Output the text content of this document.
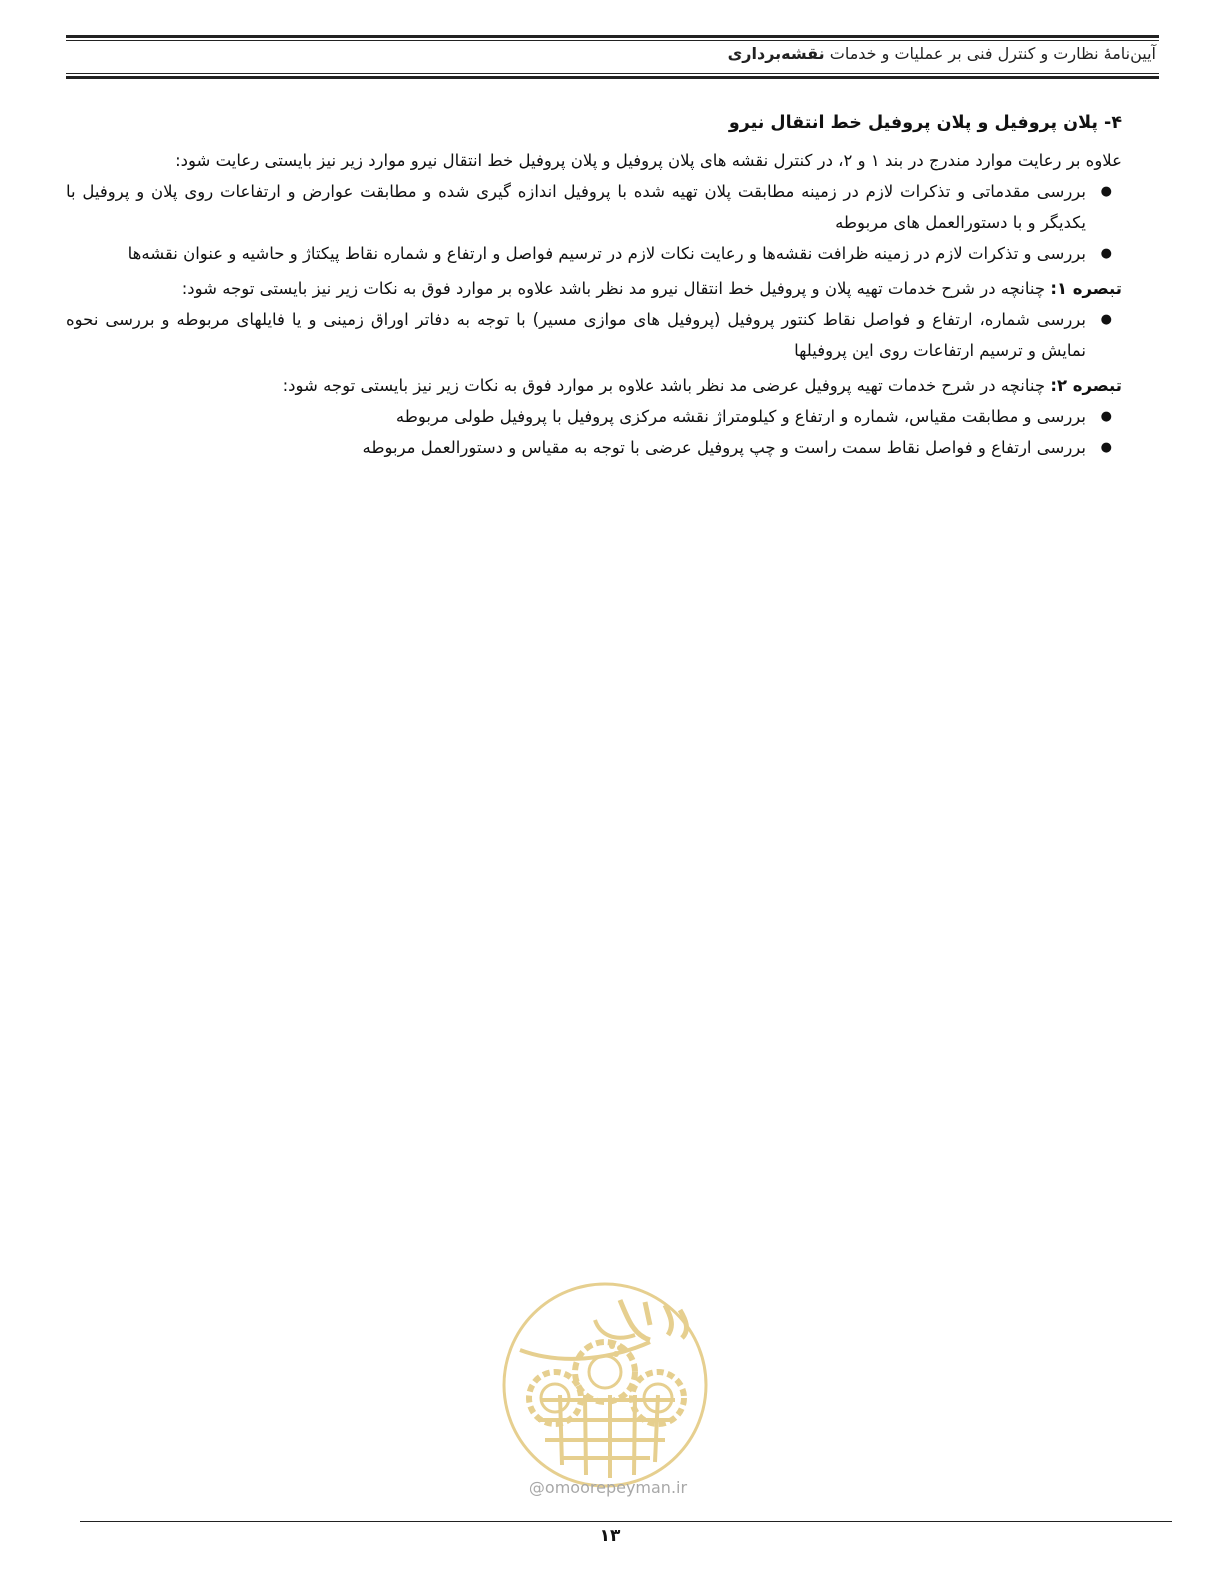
آیین‌نامهٔ نظارت و کنترل فنی بر عملیات و خدمات نقشه‌برداری

۴- پلان پروفیل و پلان پروفیل خط انتقال نیرو

علاوه بر رعایت موارد مندرج در بند ۱ و ۲، در کنترل نقشه های پلان پروفیل و پلان پروفیل خط انتقال نیرو موارد زیر نیز بایستی رعایت شود:

●
بررسی مقدماتی و تذکرات لازم در زمینه مطابقت پلان تهیه شده با پروفیل اندازه گیری شده و مطابقت عوارض و ارتفاعات روی پلان و پروفیل با یکدیگر و با دستورالعمل های مربوطه
●
بررسی و تذکرات لازم در زمینه ظرافت نقشه‌ها و رعایت نکات لازم در ترسیم فواصل و ارتفاع و شماره نقاط پیکتاژ و حاشیه و عنوان نقشه‌ها

تبصره ۱: چنانچه در شرح خدمات تهیه پلان و پروفیل خط انتقال نیرو مد نظر باشد علاوه بر موارد فوق به نکات زیر نیز بایستی توجه شود:

●
بررسی شماره، ارتفاع و فواصل نقاط کنتور پروفیل (پروفیل های موازی مسیر) با توجه به دفاتر اوراق زمینی و یا فایلهای مربوطه و بررسی نحوه نمایش و ترسیم ارتفاعات روی این پروفیلها

تبصره ۲: چنانچه در شرح خدمات تهیه پروفیل عرضی مد نظر باشد علاوه بر موارد فوق به نکات زیر نیز بایستی توجه شود:

●
بررسی و مطابقت مقیاس، شماره و ارتفاع و کیلومتراژ نقشه مرکزی پروفیل با پروفیل طولی مربوطه
●
بررسی ارتفاع و فواصل نقاط سمت راست و چپ پروفیل عرضی با توجه به مقیاس و دستورالعمل مربوطه
@omoorepeyman.ir
۱۳
